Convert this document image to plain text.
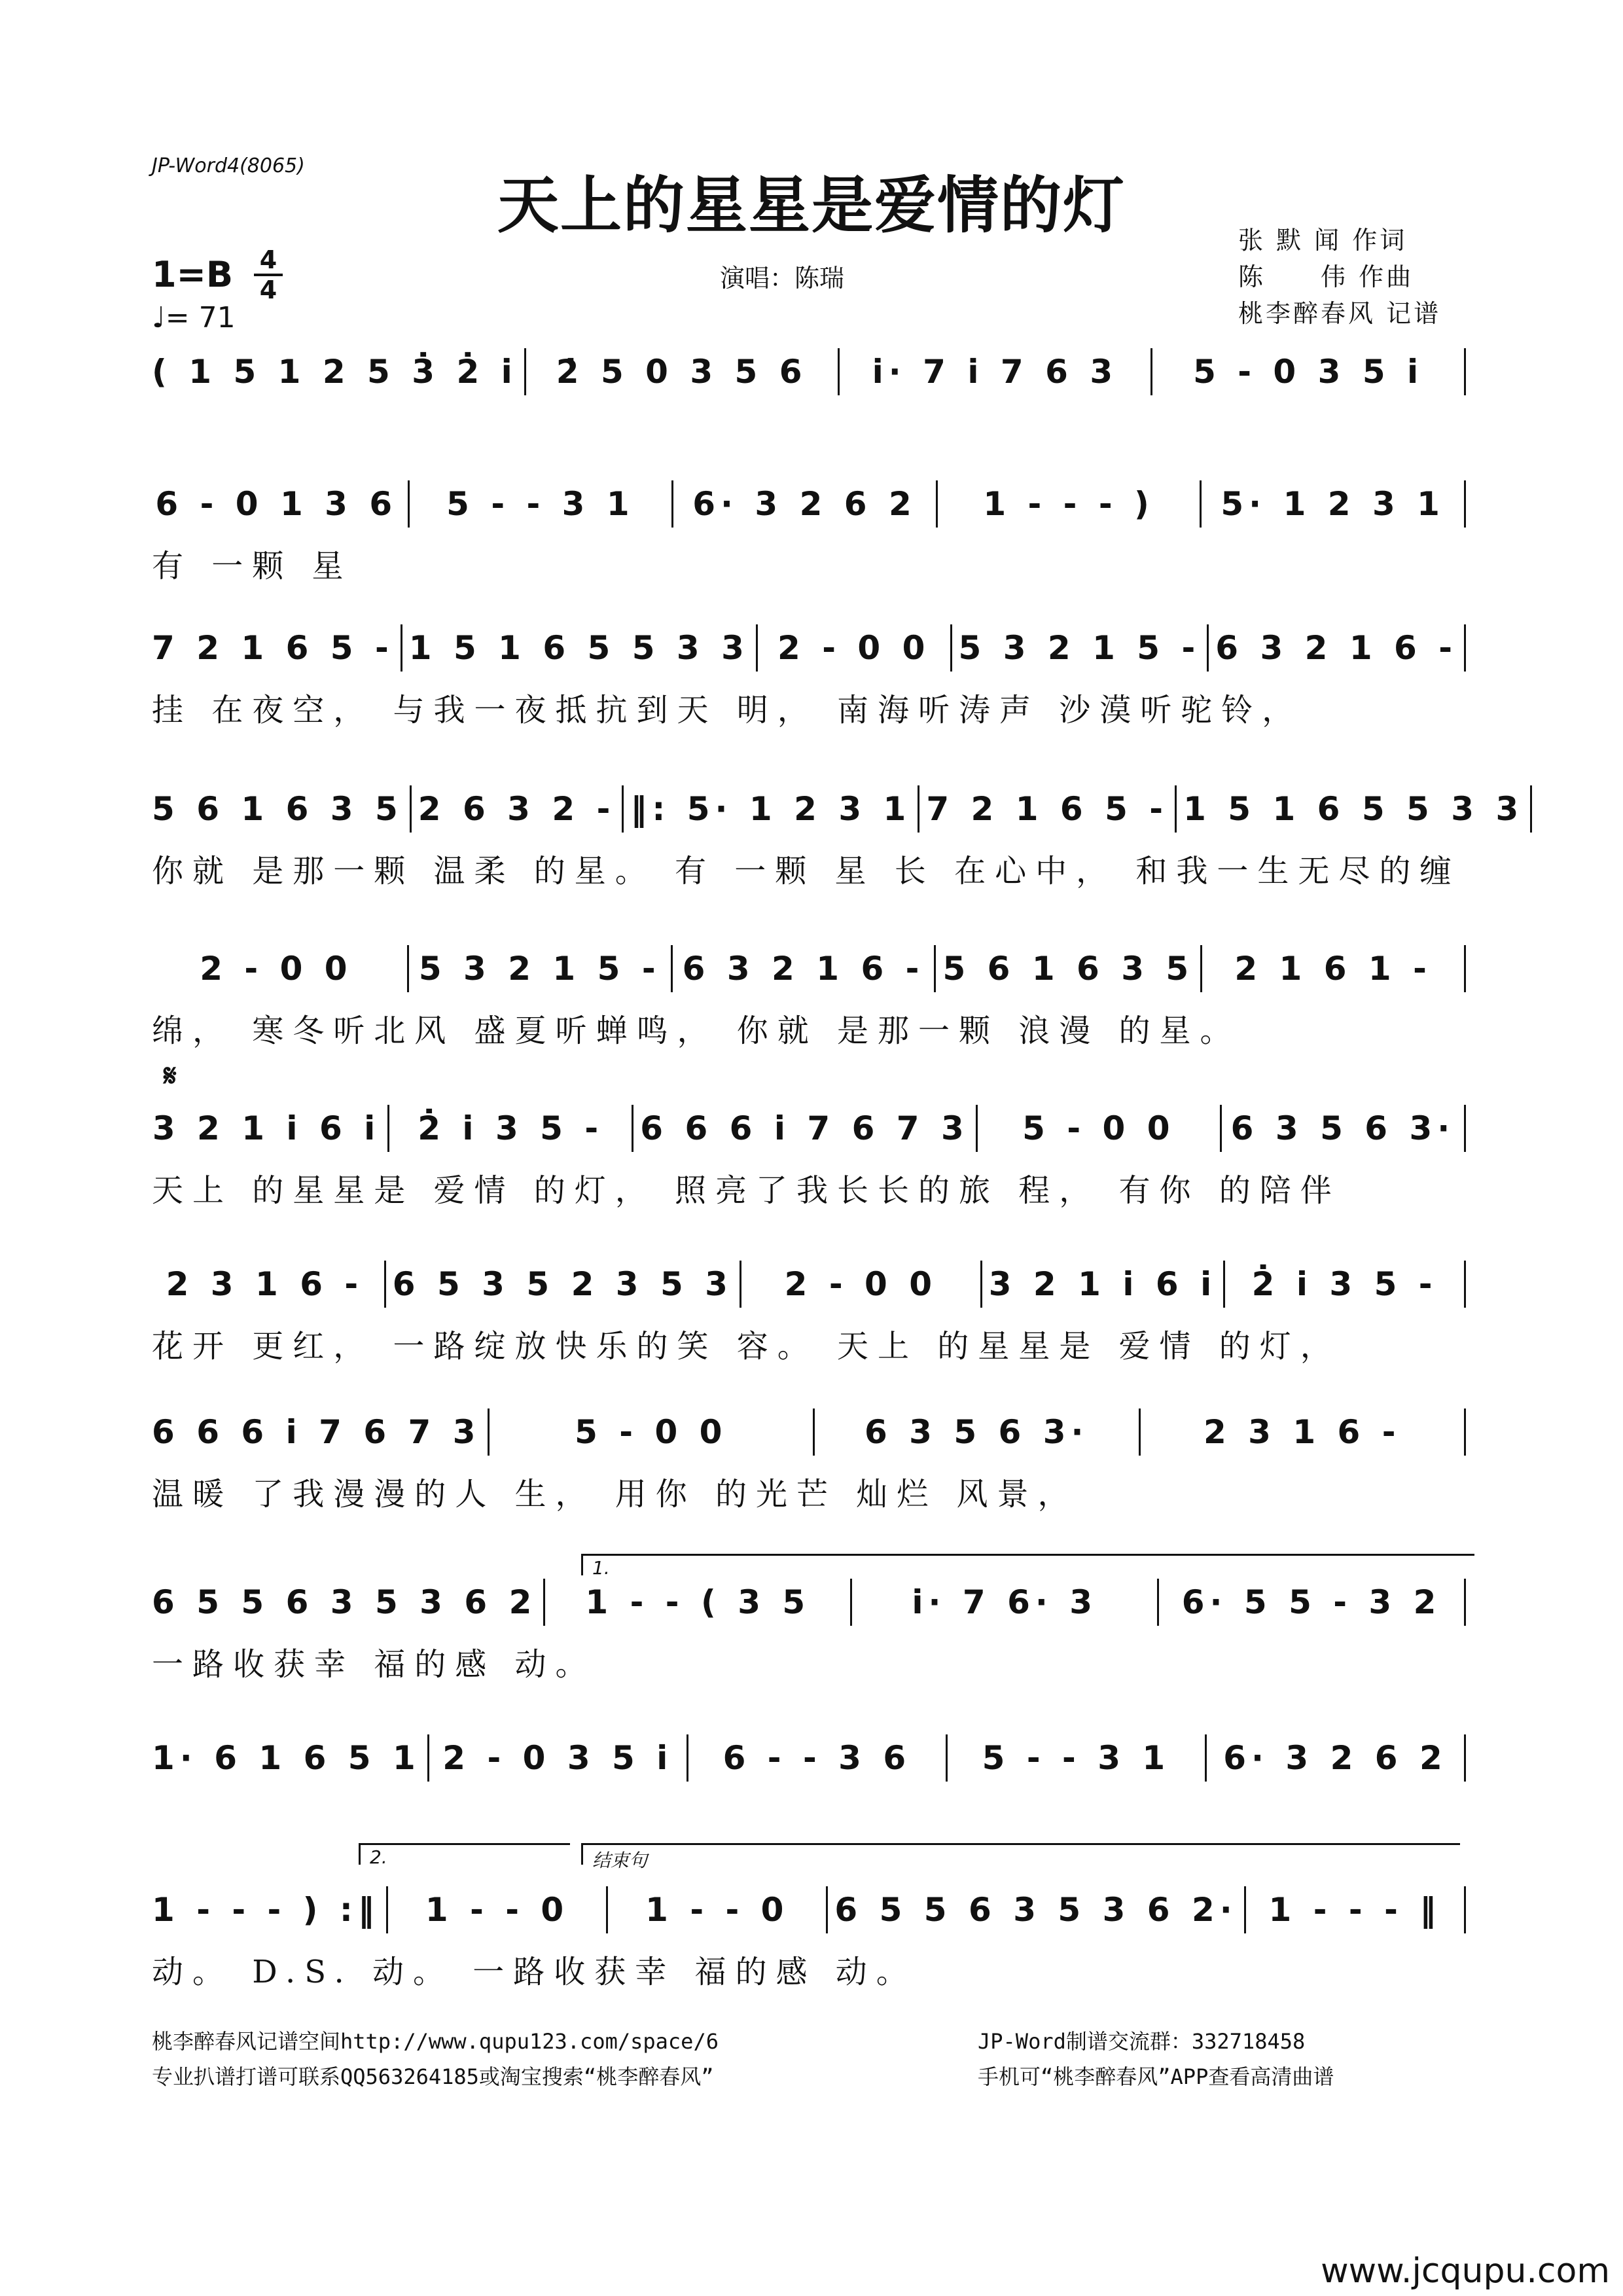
JP-Word4(8065)
天上的星星是爱情的灯
1=B 4
4
♩= 71
演唱：陈瑞
张 默 闻 作词
陈　　伟 作曲
桃李醉春风 记谱
𝄋
1.
2.	结束句
( 1 5 1 2 5 3̇ 2̇ i̇	2̇ 5 0 3 5 6	i̇· 7 i̇ 7 6 3	5 - 0 3 5 i̇
6 - 0 1 3 6	5 - - 3 1	6· 3 2 6 2	1 - - - )	5· 1 2 3 1
有 一颗 星
7 2 1 6 5 - 1 5 1 6 5 5 3 3 2 - 0 0 5 3 2 1 5 - 6 3 2 1 6 -
挂 在夜空， 与我一夜抵抗到天 明， 南海听涛声 沙漠听驼铃，
5 6 1 6 3 5 2 6 3 2 - ‖: 5· 1 2 3 1 7 2 1 6 5 - 1 5 1 6 5 5 3 3
你就 是那一颗 温柔 的星。 有 一颗 星 长 在心中， 和我一生无尽的缠
2 - 0 0	5 3 2 1 5 - 6 3 2 1 6 - 5 6 1 6 3 5	2 1 6 1 -
绵， 寒冬听北风 盛夏听蝉鸣， 你就 是那一颗 浪漫 的星。
3 2 1 i̇ 6 i̇	2̇ i̇ 3 5 -	6 6 6 i̇ 7 6 7 3	5 - 0 0	6 3 5 6 3·
天上 的星星是 爱情 的灯， 照亮了我长长的旅 程， 有你 的陪伴
2 3 1 6 - 6 5 3 5 2 3 5 3	2 - 0 0	3 2 1 i̇ 6 i̇	2̇ i̇ 3 5 -
花开 更红， 一路绽放快乐的笑 容。 天上 的星星是 爱情 的灯，
6 6 6 i̇ 7 6 7 3	5 - 0 0	6 3 5 6 3·	2 3 1 6 -
温暖 了我漫漫的人 生， 用你 的光芒 灿烂 风景，
6 5 5 6 3 5 3 6 2	1 - - ( 3 5	i̇· 7 6· 3	6· 5 5 - 3 2
一路收获幸 福的感 动。
1· 6 1 6 5 1 2 - 0 3 5 i̇	6 - - 3 6	5 - - 3 1	6· 3 2 6 2
1 - - - ) :‖	1 - - 0	1 - - 0	6 5 5 6 3 5 3 6 2· 1 - - - ‖
动。 D.S. 动。 一路收获幸 福的感 动。
桃李醉春风记谱空间http://www.qupu123.com/space/6
专业扒谱打谱可联系QQ563264185或淘宝搜索“桃李醉春风”
JP-Word制谱交流群：332718458
手机可“桃李醉春风”APP查看高清曲谱
www.jcqupu.com
